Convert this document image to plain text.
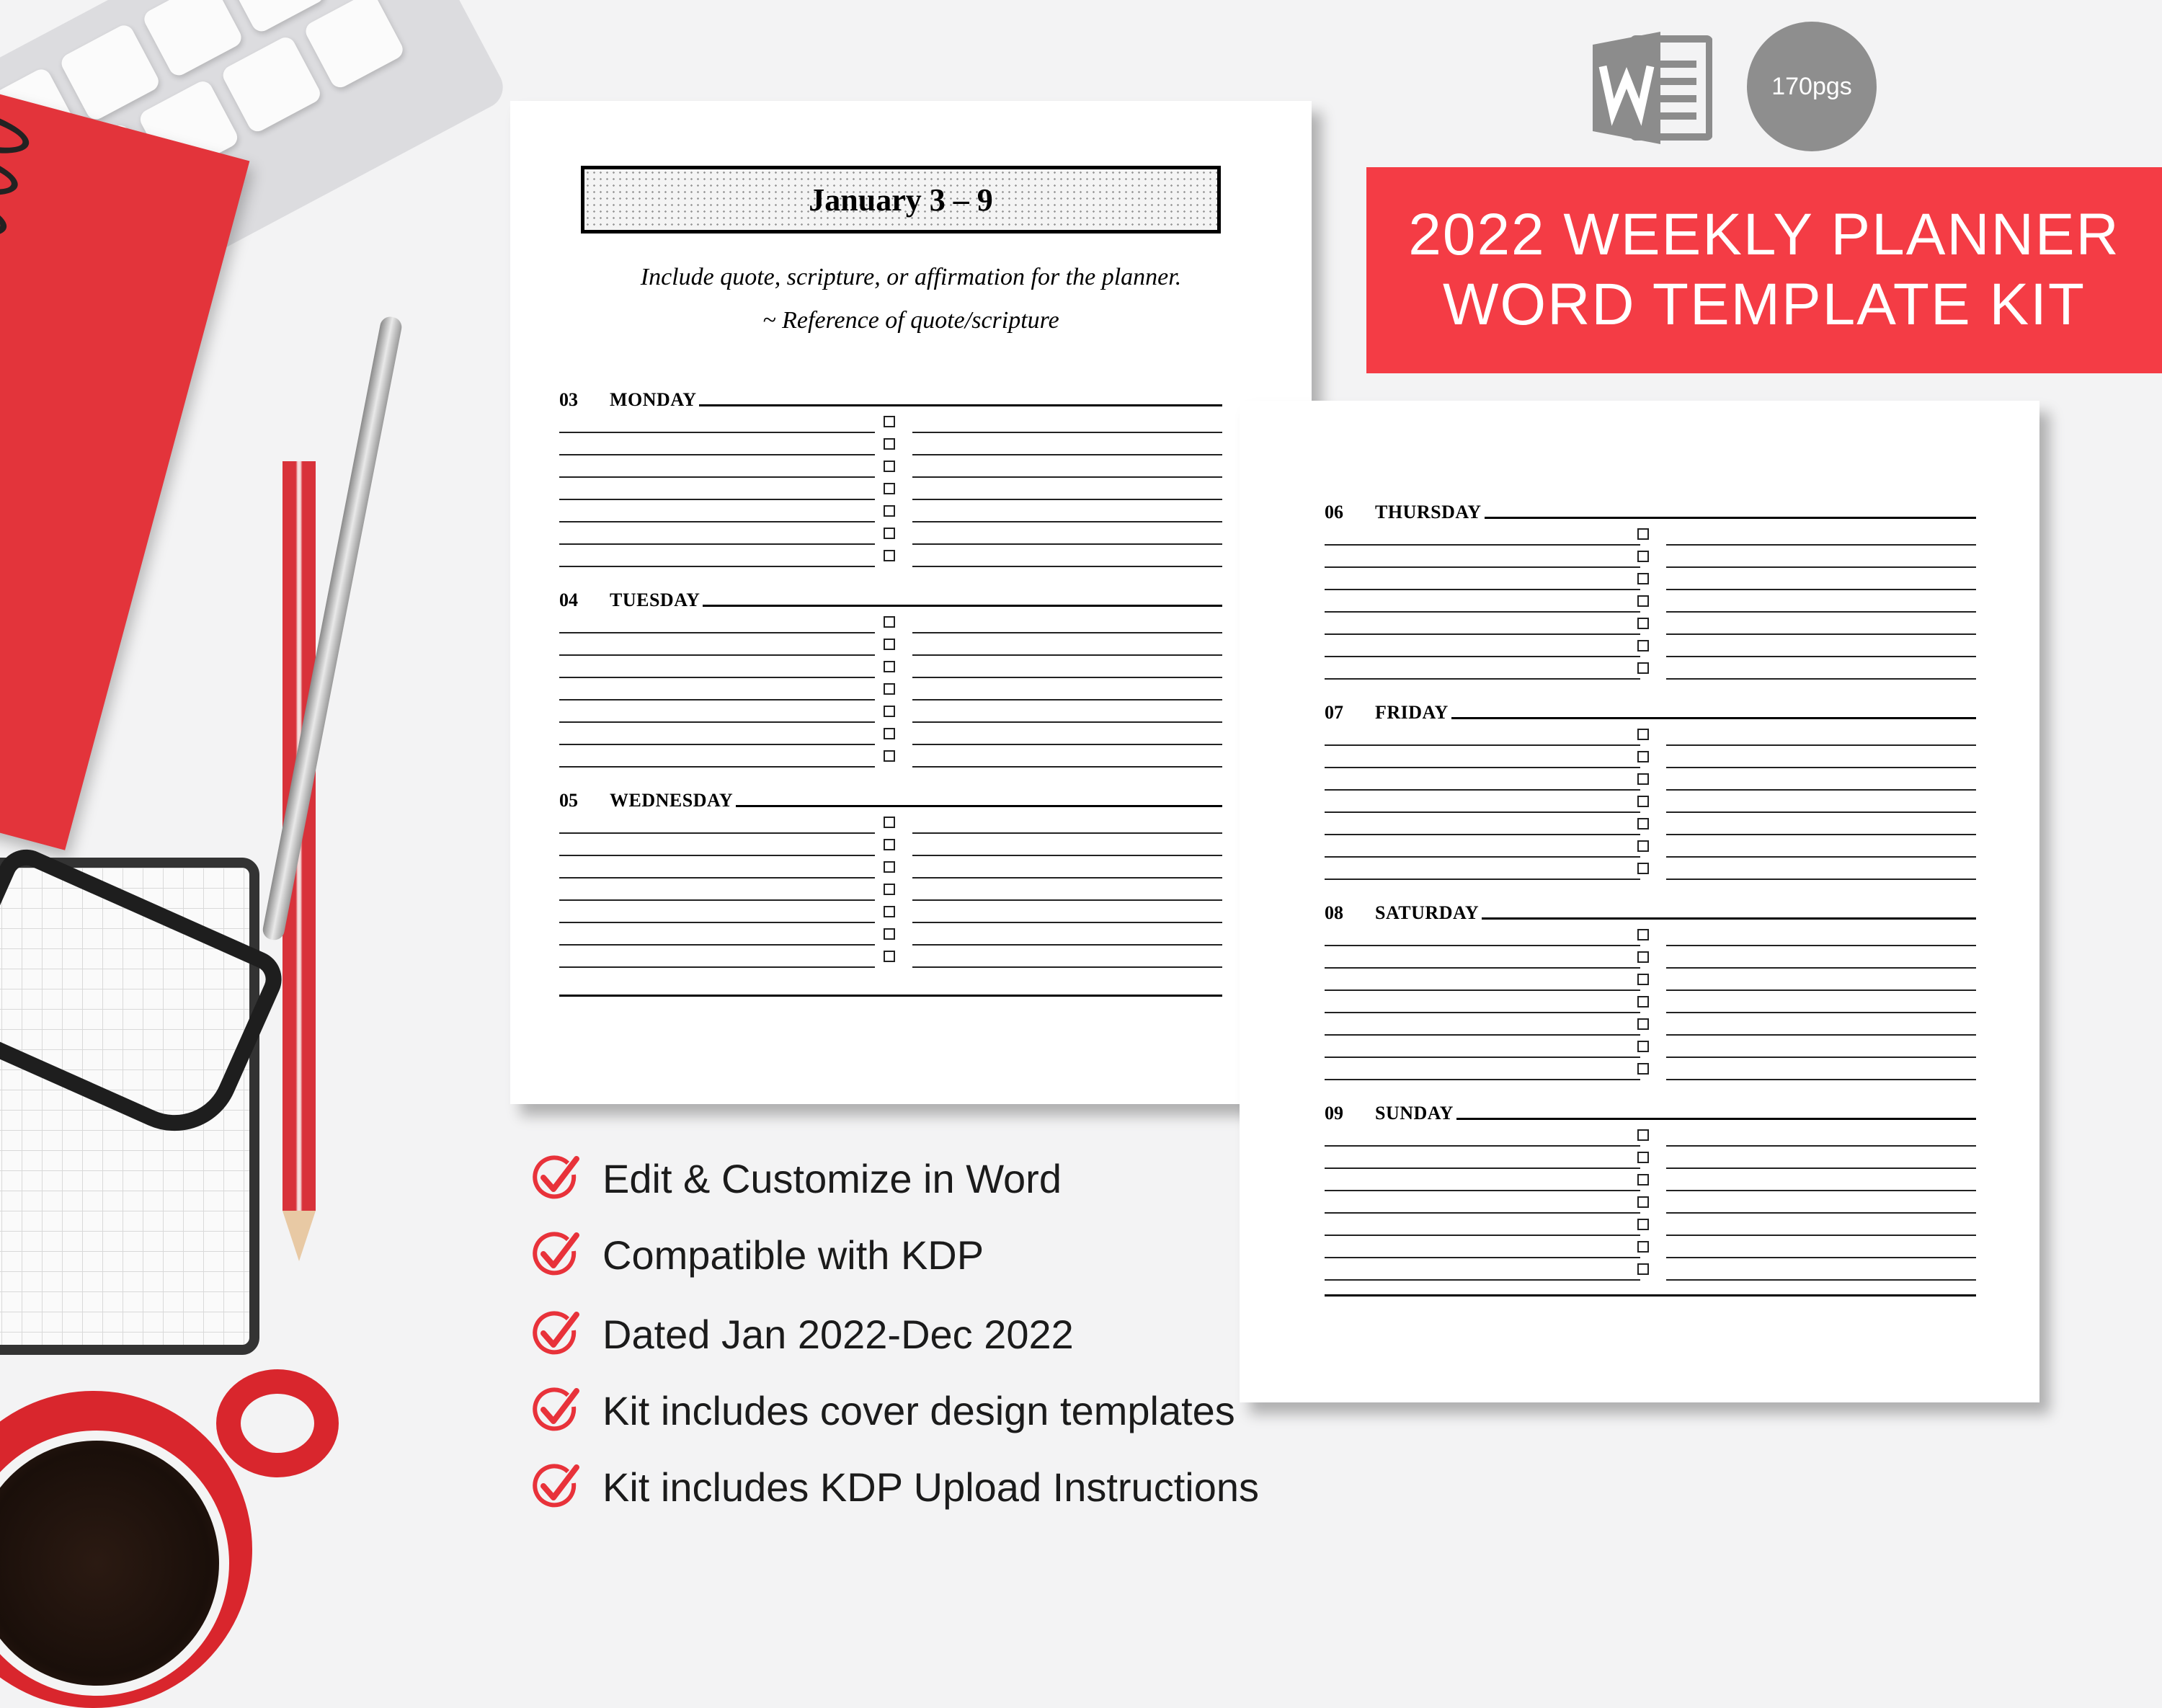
January 3 – 9
Include quote, scripture, or affirmation for the planner.
~ Reference of quote/scripture
03	MONDAY
04	TUESDAY
05	WEDNESDAY
06	THURSDAY
07	FRIDAY
08	SATURDAY
09	SUNDAY
170pgs
2022 WEEKLY PLANNER
WORD TEMPLATE KIT
Edit & Customize in Word
Compatible with KDP
Dated Jan 2022-Dec 2022
Kit includes cover design templates
Kit includes KDP Upload Instructions
